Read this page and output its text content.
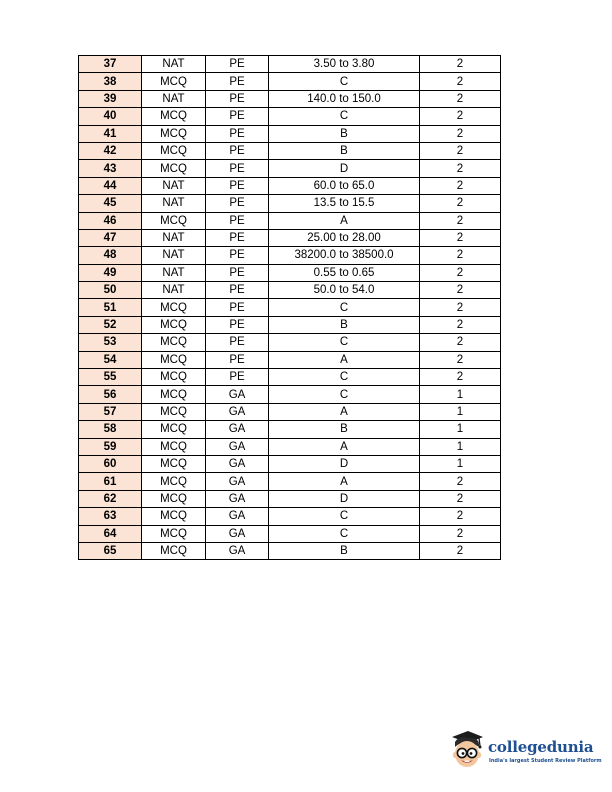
37	NAT	PE	3.50 to 3.80	2
38	MCQ	PE	C	2
39	NAT	PE	140.0 to 150.0	2
40	MCQ	PE	C	2
41	MCQ	PE	B	2
42	MCQ	PE	B	2
43	MCQ	PE	D	2
44	NAT	PE	60.0 to 65.0	2
45	NAT	PE	13.5 to 15.5	2
46	MCQ	PE	A	2
47	NAT	PE	25.00 to 28.00	2
48	NAT	PE	38200.0 to 38500.0	2
49	NAT	PE	0.55 to 0.65	2
50	NAT	PE	50.0 to 54.0	2
51	MCQ	PE	C	2
52	MCQ	PE	B	2
53	MCQ	PE	C	2
54	MCQ	PE	A	2
55	MCQ	PE	C	2
56	MCQ	GA	C	1
57	MCQ	GA	A	1
58	MCQ	GA	B	1
59	MCQ	GA	A	1
60	MCQ	GA	D	1
61	MCQ	GA	A	2
62	MCQ	GA	D	2
63	MCQ	GA	C	2
64	MCQ	GA	C	2
65	MCQ	GA	B	2
collegedunia
India's largest Student Review Platform
